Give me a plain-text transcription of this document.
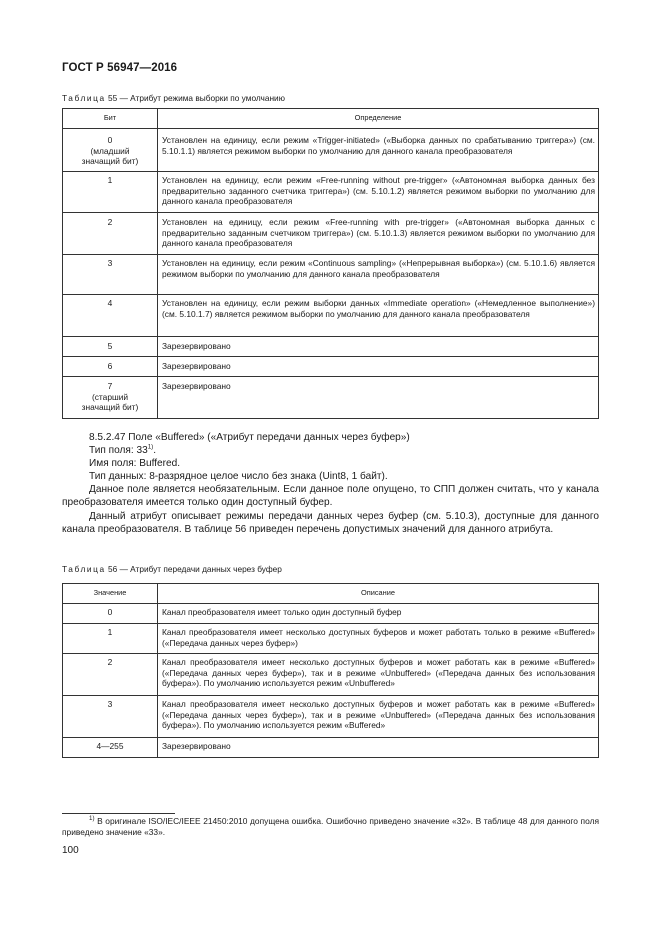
ГОСТ Р 56947—2016
Таблица 55 — Атрибут режима выборки по умолчанию
Бит	Определение

0
(младший значащий бит)	Установлен на единицу, если режим «Trigger-initiated» («Выборка данных по срабатыванию триггера») (см. 5.10.1.1) является режимом выборки по умолчанию для данного канала преобразователя
1	Установлен на единицу, если режим «Free-running without pre-trigger» («Автономная выборка данных без предварительно заданного счетчика триггера») (см. 5.10.1.2) является режимом выборки по умолчанию для данного канала преобразователя
2	Установлен на единицу, если режим «Free-running with pre-trigger» («Автономная выборка данных с предварительно заданным счетчиком триггера») (см. 5.10.1.3) является режимом выборки по умолчанию для данного канала преобразователя
3	Установлен на единицу, если режим «Continuous sampling» («Непрерывная выборка») (см. 5.10.1.6) является режимом выборки по умолчанию для данного канала преобразователя
4	Установлен на единицу, если режим выборки данных «Immediate operation» («Немедленное выполнение») (см. 5.10.1.7) является режимом выборки по умолчанию для данного канала преобразователя
5	Зарезервировано
6	Зарезервировано

7
(старший значащий бит)	Зарезервировано

8.5.2.47 Поле «Buffered» («Атрибут передачи данных через буфер»)

Тип поля: 33$^{1)}$.

Имя поля: Buffered.

Тип данных: 8-разрядное целое число без знака (Uint8, 1 байт).

Данное поле является необязательным. Если данное поле опущено, то СПП должен считать, что у канала преобразователя имеется только один доступный буфер.

Данный атрибут описывает режимы передачи данных через буфер (см. 5.10.3), доступные для данного канала преобразователя. В таблице 56 приведен перечень допустимых значений для данного атрибута.

Таблица 56 — Атрибут передачи данных через буфер
Значение	Описание
0	Канал преобразователя имеет только один доступный буфер
1	Канал преобразователя имеет несколько доступных буферов и может работать только в режиме «Buffered» («Передача данных через буфер»)
2	Канал преобразователя имеет несколько доступных буферов и может работать как в режиме «Buffered» («Передача данных через буфер»), так и в режиме «Unbuffered» («Передача данных без использования буфера»). По умолчанию используется режим «Unbuffered»
3	Канал преобразователя имеет несколько доступных буферов и может работать как в режиме «Buffered» («Передача данных через буфер»), так и в режиме «Unbuffered» («Передача данных без использования буфера»). По умолчанию используется режим «Buffered»
4—255	Зарезервировано

$^{1)}$ В оригинале ISO/IEC/IEEE 21450:2010 допущена ошибка. Ошибочно приведено значение «32». В таблице 48 для данного поля приведено значение «33».

100
